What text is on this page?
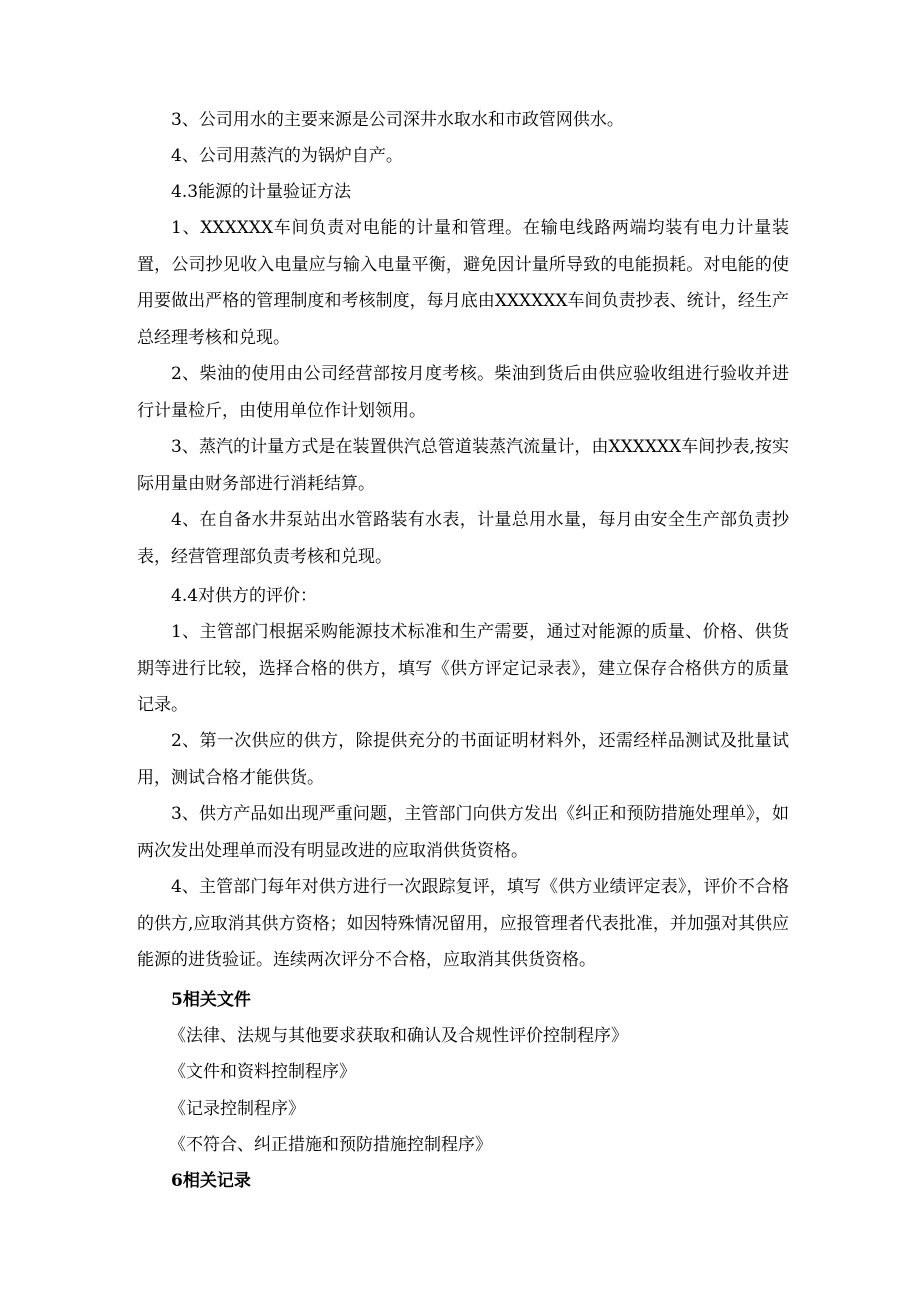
3、公司用水的主要来源是公司深井水取水和市政管网供水。
4、公司用蒸汽的为锅炉自产。
4.3能源的计量验证方法
1、XXXXXX车间负责对电能的计量和管理。在输电线路两端均装有电力计量装置，公司抄见收入电量应与输入电量平衡，避免因计量所导致的电能损耗。对电能的使用要做出严格的管理制度和考核制度，每月底由XXXXXX车间负责抄表、统计，经生产总经理考核和兑现。
2、柴油的使用由公司经营部按月度考核。柴油到货后由供应验收组进行验收并进行计量检斤，由使用单位作计划领用。
3、蒸汽的计量方式是在装置供汽总管道装蒸汽流量计，由XXXXXX车间抄表,按实际用量由财务部进行消耗结算。
4、在自备水井泵站出水管路装有水表，计量总用水量，每月由安全生产部负责抄表，经营管理部负责考核和兑现。
4.4对供方的评价：
1、主管部门根据采购能源技术标准和生产需要，通过对能源的质量、价格、供货期等进行比较，选择合格的供方，填写《供方评定记录表》，建立保存合格供方的质量记录。
2、第一次供应的供方，除提供充分的书面证明材料外，还需经样品测试及批量试用，测试合格才能供货。
3、供方产品如出现严重问题，主管部门向供方发出《纠正和预防措施处理单》，如两次发出处理单而没有明显改进的应取消供货资格。
4、主管部门每年对供方进行一次跟踪复评，填写《供方业绩评定表》，评价不合格的供方,应取消其供方资格；如因特殊情况留用，应报管理者代表批准，并加强对其供应能源的进货验证。连续两次评分不合格，应取消其供货资格。
5相关文件
《法律、法规与其他要求获取和确认及合规性评价控制程序》
《文件和资料控制程序》
《记录控制程序》
《不符合、纠正措施和预防措施控制程序》
6相关记录
